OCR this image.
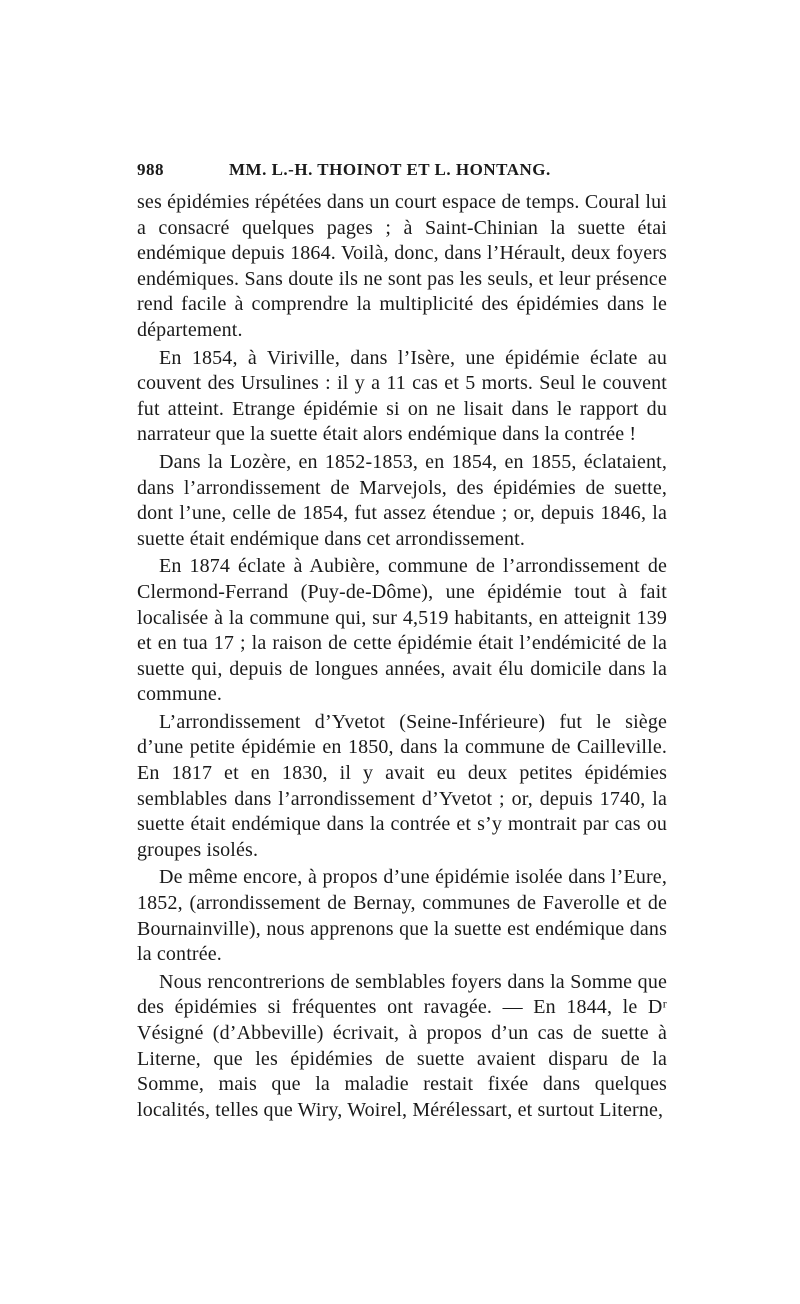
988	MM. L.-H. THOINOT ET L. HONTANG.

ses épidémies répétées dans un court espace de temps. Coural lui a consacré quelques pages ; à Saint-Chinian la suette étai endémique depuis 1864. Voilà, donc, dans l’Hérault, deux foyers endémiques. Sans doute ils ne sont pas les seuls, et leur présence rend facile à comprendre la multiplicité des épidémies dans le département.

En 1854, à Viriville, dans l’Isère, une épidémie éclate au couvent des Ursulines : il y a 11 cas et 5 morts. Seul le couvent fut atteint. Etrange épidémie si on ne lisait dans le rapport du narrateur que la suette était alors endémique dans la contrée !

Dans la Lozère, en 1852-1853, en 1854, en 1855, éclataient, dans l’arrondissement de Marvejols, des épidémies de suette, dont l’une, celle de 1854, fut assez étendue ; or, depuis 1846, la suette était endémique dans cet arrondissement.

En 1874 éclate à Aubière, commune de l’arrondissement de Clermond-Ferrand (Puy-de-Dôme), une épidémie tout à fait localisée à la commune qui, sur 4,519 habitants, en atteignit 139 et en tua 17 ; la raison de cette épidémie était l’endémicité de la suette qui, depuis de longues années, avait élu domicile dans la commune.

L’arrondissement d’Yvetot (Seine-Inférieure) fut le siège d’une petite épidémie en 1850, dans la commune de Cailleville. En 1817 et en 1830, il y avait eu deux petites épidémies semblables dans l’arrondissement d’Yvetot ; or, depuis 1740, la suette était endémique dans la contrée et s’y montrait par cas ou groupes isolés.

De même encore, à propos d’une épidémie isolée dans l’Eure, 1852, (arrondissement de Bernay, communes de Faverolle et de Bournainville), nous apprenons que la suette est endémique dans la contrée.

Nous rencontrerions de semblables foyers dans la Somme que des épidémies si fréquentes ont ravagée. — En 1844, le Dʳ Vésigné (d’Abbeville) écrivait, à propos d’un cas de suette à Literne, que les épidémies de suette avaient disparu de la Somme, mais que la maladie restait fixée dans quelques localités, telles que Wiry, Woirel, Mérélessart, et surtout Literne,
